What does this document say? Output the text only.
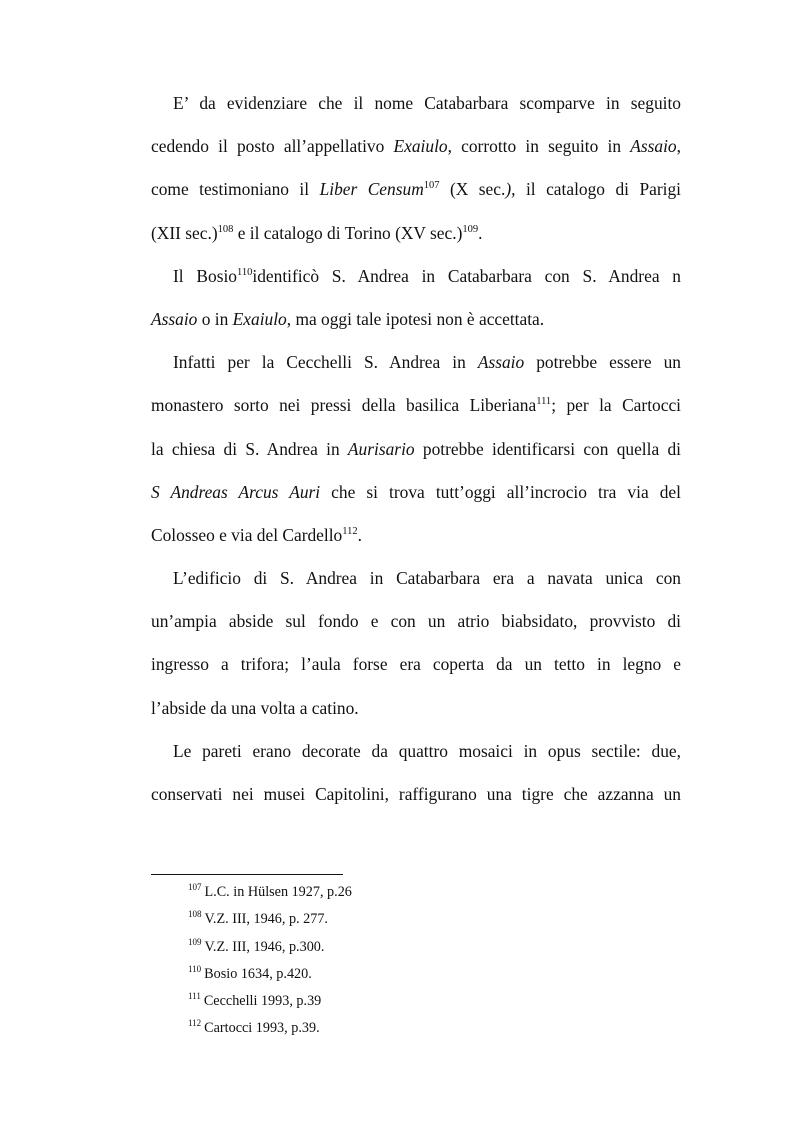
E’ da evidenziare che il nome Catabarbara scomparve in seguito
cedendo il posto all’appellativo Exaiulo, corrotto in seguito in Assaio,
come testimoniano il Liber Censum$^{107}$ (X sec.), il catalogo di Parigi
(XII sec.)$^{108}$ e il catalogo di Torino (XV sec.)$^{109}$.
Il Bosio$^{110}$identificò S. Andrea in Catabarbara con S. Andrea n
Assaio o in Exaiulo, ma oggi tale ipotesi non è accettata.
Infatti per la Cecchelli S. Andrea in Assaio potrebbe essere un
monastero sorto nei pressi della basilica Liberiana$^{111}$; per la Cartocci
la chiesa di S. Andrea in Aurisario potrebbe identificarsi con quella di
S Andreas Arcus Auri che si trova tutt’oggi all’incrocio tra via del
Colosseo e via del Cardello$^{112}$.
L’edificio di S. Andrea in Catabarbara era a navata unica con
un’ampia abside sul fondo e con un atrio biabsidato, provvisto di
ingresso a trifora; l’aula forse era coperta da un tetto in legno e
l’abside da una volta a catino.
Le pareti erano decorate da quattro mosaici in opus sectile: due,
conservati nei musei Capitolini, raffigurano una tigre che azzanna un

$^{107}$ L.C. in Hülsen 1927, p.26

$^{108}$ V.Z. III, 1946, p. 277.

$^{109}$ V.Z. III, 1946, p.300.

$^{110}$ Bosio 1634, p.420.

$^{111}$ Cecchelli 1993, p.39

$^{112}$ Cartocci 1993, p.39.
